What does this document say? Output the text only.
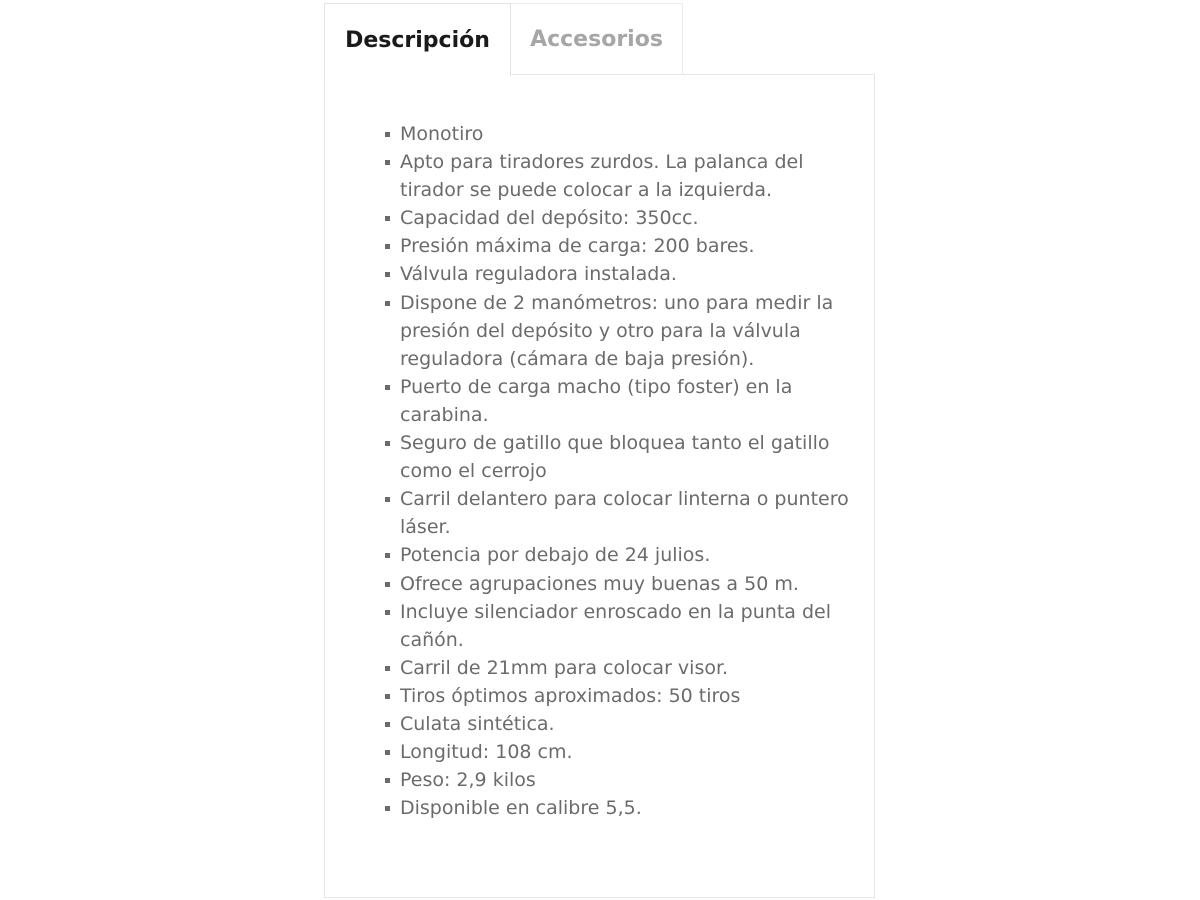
Descripción	Accesorios
Monotiro
Apto para tiradores zurdos. La palanca del tirador se puede colocar a la izquierda.
Capacidad del depósito: 350cc.
Presión máxima de carga: 200 bares.
Válvula reguladora instalada.
Dispone de 2 manómetros: uno para medir la presión del depósito y otro para la válvula reguladora (cámara de baja presión).
Puerto de carga macho (tipo foster) en la carabina.
Seguro de gatillo que bloquea tanto el gatillo como el cerrojo
Carril delantero para colocar linterna o puntero láser.
Potencia por debajo de 24 julios.
Ofrece agrupaciones muy buenas a 50 m.
Incluye silenciador enroscado en la punta del cañón.
Carril de 21mm para colocar visor.
Tiros óptimos aproximados: 50 tiros
Culata sintética.
Longitud: 108 cm.
Peso: 2,9 kilos
Disponible en calibre 5,5.
